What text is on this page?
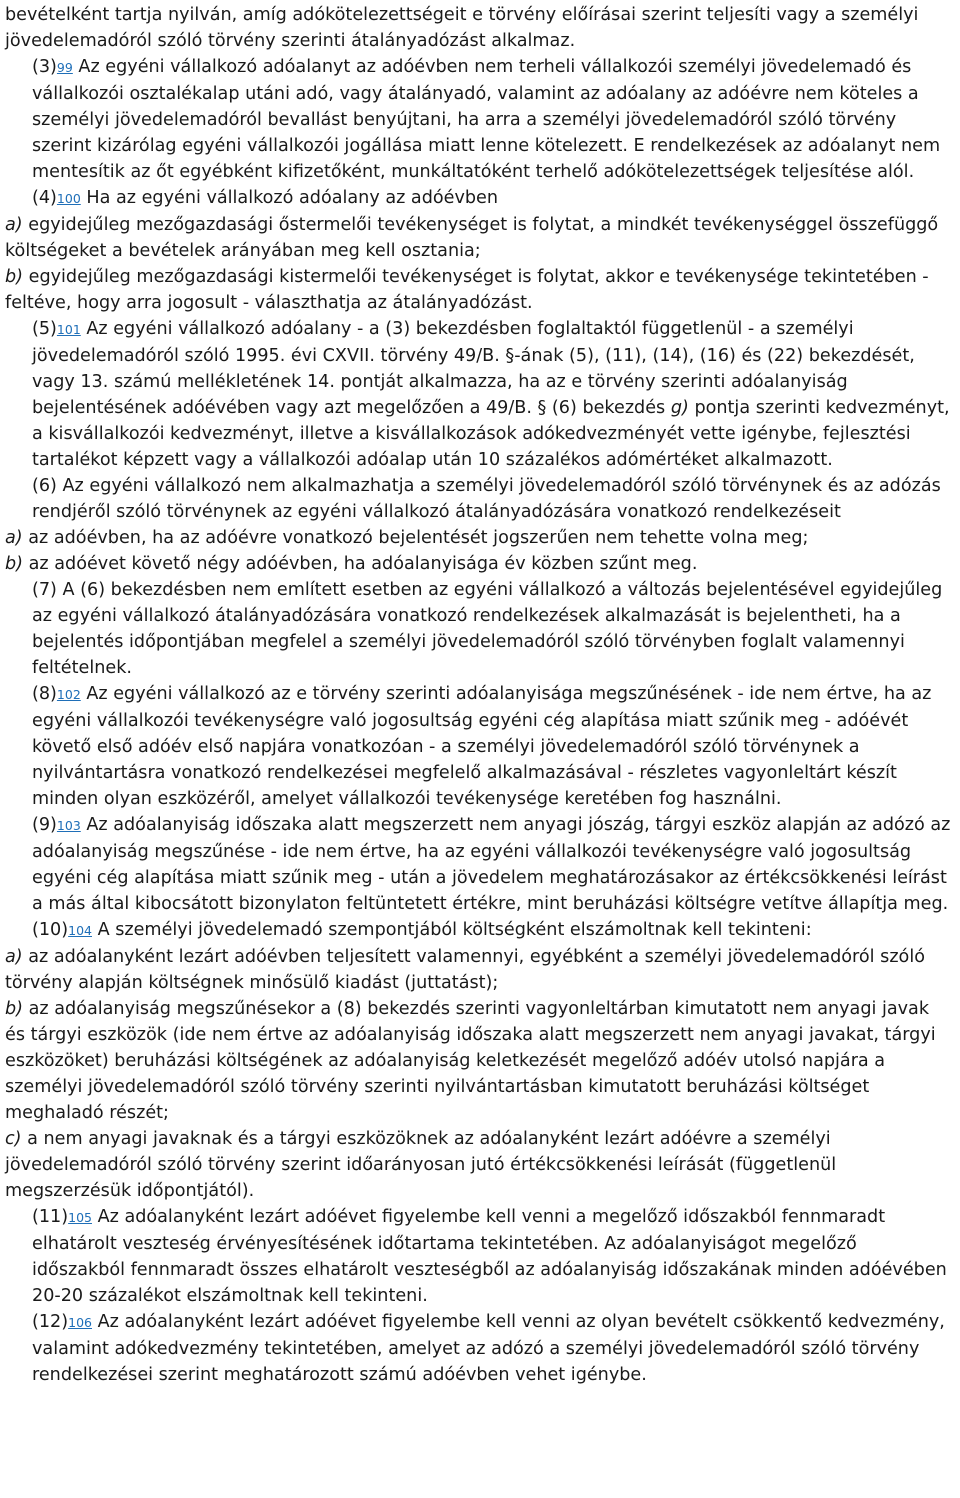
bevételként tartja nyilván, amíg adókötelezettségeit e törvény előírásai szerint teljesíti vagy a személyi jövedelemadóról szóló törvény szerinti átalányadózást alkalmaz.

(3)99 Az egyéni vállalkozó adóalanyt az adóévben nem terheli vállalkozói személyi jövedelemadó és vállalkozói osztalékalap utáni adó, vagy átalányadó, valamint az adóalany az adóévre nem köteles a személyi jövedelemadóról bevallást benyújtani, ha arra a személyi jövedelemadóról szóló törvény szerint kizárólag egyéni vállalkozói jogállása miatt lenne kötelezett. E rendelkezések az adóalanyt nem mentesítik az őt egyébként kifizetőként, munkáltatóként terhelő adókötelezettségek teljesítése alól.

(4)100 Ha az egyéni vállalkozó adóalany az adóévben

a) egyidejűleg mezőgazdasági őstermelői tevékenységet is folytat, a mindkét tevékenységgel összefüggő költségeket a bevételek arányában meg kell osztania;

b) egyidejűleg mezőgazdasági kistermelői tevékenységet is folytat, akkor e tevékenysége tekintetében - feltéve, hogy arra jogosult - választhatja az átalányadózást.

(5)101 Az egyéni vállalkozó adóalany - a (3) bekezdésben foglaltaktól függetlenül - a személyi jövedelemadóról szóló 1995. évi CXVII. törvény 49/B. §-ának (5), (11), (14), (16) és (22) bekezdését, vagy 13. számú mellékletének 14. pontját alkalmazza, ha az e törvény szerinti adóalanyiság bejelentésének adóévében vagy azt megelőzően a 49/B. § (6) bekezdés g) pontja szerinti kedvezményt, a kisvállalkozói kedvezményt, illetve a kisvállalkozások adókedvezményét vette igénybe, fejlesztési tartalékot képzett vagy a vállalkozói adóalap után 10 százalékos adómértéket alkalmazott.

(6) Az egyéni vállalkozó nem alkalmazhatja a személyi jövedelemadóról szóló törvénynek és az adózás rendjéről szóló törvénynek az egyéni vállalkozó átalányadózására vonatkozó rendelkezéseit

a) az adóévben, ha az adóévre vonatkozó bejelentését jogszerűen nem tehette volna meg;

b) az adóévet követő négy adóévben, ha adóalanyisága év közben szűnt meg.

(7) A (6) bekezdésben nem említett esetben az egyéni vállalkozó a változás bejelentésével egyidejűleg az egyéni vállalkozó átalányadózására vonatkozó rendelkezések alkalmazását is bejelentheti, ha a bejelentés időpontjában megfelel a személyi jövedelemadóról szóló törvényben foglalt valamennyi feltételnek.

(8)102 Az egyéni vállalkozó az e törvény szerinti adóalanyisága megszűnésének - ide nem értve, ha az egyéni vállalkozói tevékenységre való jogosultság egyéni cég alapítása miatt szűnik meg - adóévét követő első adóév első napjára vonatkozóan - a személyi jövedelemadóról szóló törvénynek a nyilvántartásra vonatkozó rendelkezései megfelelő alkalmazásával - részletes vagyonleltárt készít minden olyan eszközéről, amelyet vállalkozói tevékenysége keretében fog használni.

(9)103 Az adóalanyiság időszaka alatt megszerzett nem anyagi jószág, tárgyi eszköz alapján az adózó az adóalanyiság megszűnése - ide nem értve, ha az egyéni vállalkozói tevékenységre való jogosultság egyéni cég alapítása miatt szűnik meg - után a jövedelem meghatározásakor az értékcsökkenési leírást a más által kibocsátott bizonylaton feltüntetett értékre, mint beruházási költségre vetítve állapítja meg.

(10)104 A személyi jövedelemadó szempontjából költségként elszámoltnak kell tekinteni:

a) az adóalanyként lezárt adóévben teljesített valamennyi, egyébként a személyi jövedelemadóról szóló törvény alapján költségnek minősülő kiadást (juttatást);

b) az adóalanyiság megszűnésekor a (8) bekezdés szerinti vagyonleltárban kimutatott nem anyagi javak és tárgyi eszközök (ide nem értve az adóalanyiság időszaka alatt megszerzett nem anyagi javakat, tárgyi eszközöket) beruházási költségének az adóalanyiság keletkezését megelőző adóév utolsó napjára a személyi jövedelemadóról szóló törvény szerinti nyilvántartásban kimutatott beruházási költséget meghaladó részét;

c) a nem anyagi javaknak és a tárgyi eszközöknek az adóalanyként lezárt adóévre a személyi jövedelemadóról szóló törvény szerint időarányosan jutó értékcsökkenési leírását (függetlenül megszerzésük időpontjától).

(11)105 Az adóalanyként lezárt adóévet figyelembe kell venni a megelőző időszakból fennmaradt elhatárolt veszteség érvényesítésének időtartama tekintetében. Az adóalanyiságot megelőző időszakból fennmaradt összes elhatárolt veszteségből az adóalanyiság időszakának minden adóévében 20-20 százalékot elszámoltnak kell tekinteni.

(12)106 Az adóalanyként lezárt adóévet figyelembe kell venni az olyan bevételt csökkentő kedvezmény, valamint adókedvezmény tekintetében, amelyet az adózó a személyi jövedelemadóról szóló törvény rendelkezései szerint meghatározott számú adóévben vehet igénybe.
